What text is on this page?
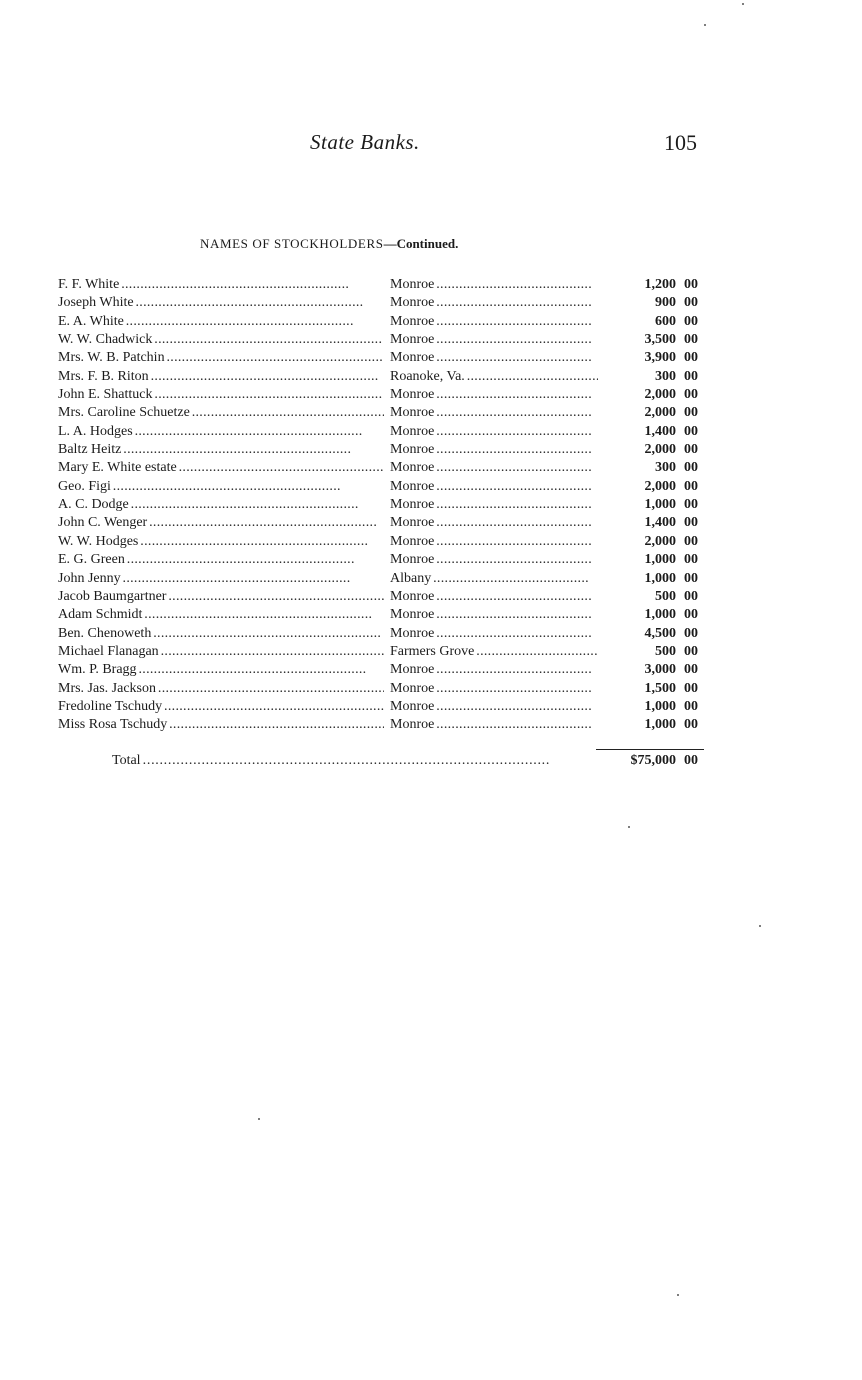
State Banks.	105
NAMES OF STOCKHOLDERS—Continued.
F. F. White . . .	Monroe . . .	1,200 00
Joseph White . . .	Monroe . . .	900 00
E. A. White . . .	Monroe . . .	600 00
W. W. Chadwick . . .	Monroe . . .	3,500 00
Mrs. W. B. Patchin . . .	Monroe . . .	3,900 00
Mrs. F. B. Riton . . .	Roanoke, Va. . . .	300 00
John E. Shattuck . . .	Monroe . . .	2,000 00
Mrs. Caroline Schuetze . . .	Monroe . . .	2,000 00
L. A. Hodges . . .	Monroe . . .	1,400 00
Baltz Heitz . . .	Monroe . . .	2,000 00
Mary E. White estate . . .	Monroe . . .	300 00
Geo. Figi . . .	Monroe . . .	2,000 00
A. C. Dodge . . .	Monroe . . .	1,000 00
John C. Wenger . . .	Monroe . . .	1,400 00
W. W. Hodges . . .	Monroe . . .	2,000 00
E. G. Green . . .	Monroe . . .	1,000 00
John Jenny . . .	Albany . . .	1,000 00
Jacob Baumgartner . . .	Monroe . . .	500 00
Adam Schmidt . . .	Monroe . . .	1,000 00
Ben. Chenoweth . . .	Monroe . . .	4,500 00
Michael Flanagan . . .	Farmers Grove . . .	500 00
Wm. P. Bragg . . .	Monroe . . .	3,000 00
Mrs. Jas. Jackson . . .	Monroe . . .	1,500 00
Fredoline Tschudy . . .	Monroe . . .	1,000 00
Miss Rosa Tschudy . . .	Monroe . . .	1,000 00
Total . . .	$75,000 00
